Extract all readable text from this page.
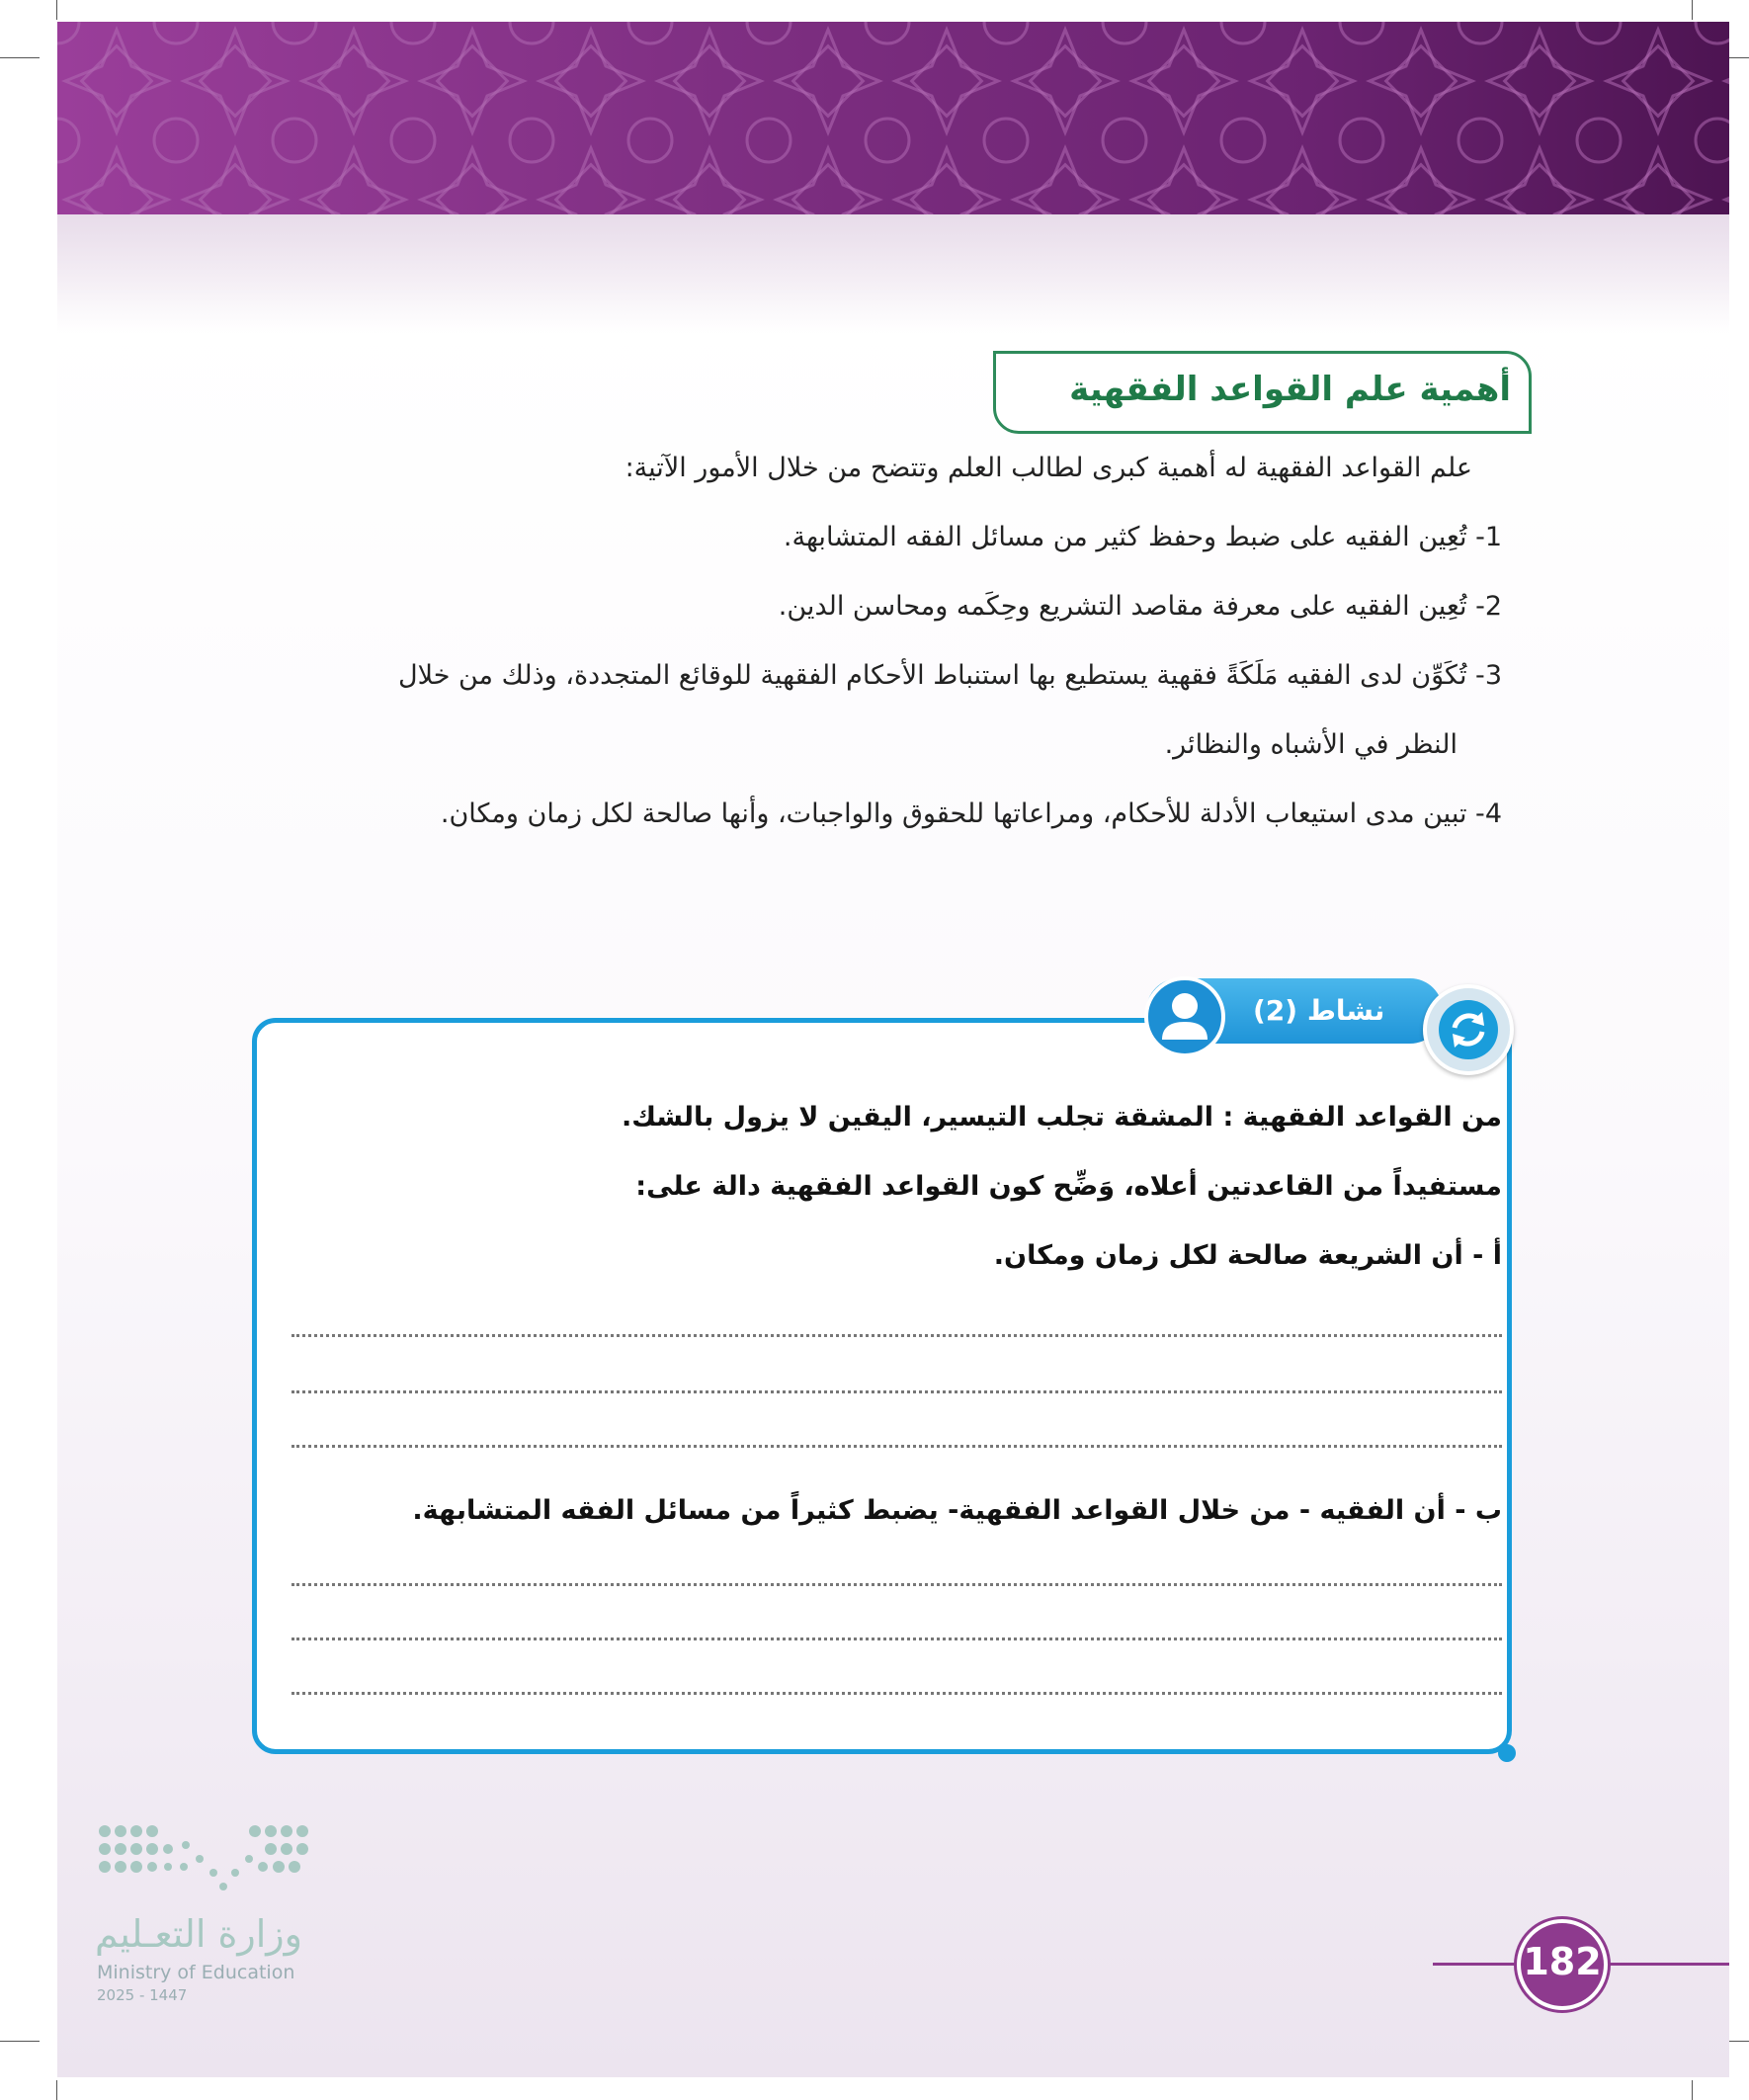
أهمية علم القواعد الفقهية
علم القواعد الفقهية له أهمية كبرى لطالب العلم وتتضح من خلال الأمور الآتية:
1- تُعِين الفقيه على ضبط وحفظ كثير من مسائل الفقه المتشابهة.
2- تُعِين الفقيه على معرفة مقاصد التشريع وحِكَمه ومحاسن الدين.
3- تُكَوِّن لدى الفقيه مَلَكَةً فقهية يستطيع بها استنباط الأحكام الفقهية للوقائع المتجددة، وذلك من خلال
النظر في الأشباه والنظائر.
4- تبين مدى استيعاب الأدلة للأحكام، ومراعاتها للحقوق والواجبات، وأنها صالحة لكل زمان ومكان.
نشاط (2)
من القواعد الفقهية : المشقة تجلب التيسير، اليقين لا يزول بالشك.
مستفيداً من القاعدتين أعلاه، وَضِّح كون القواعد الفقهية دالة على:
أ - أن الشريعة صالحة لكل زمان ومكان.
ب - أن الفقيه - من خلال القواعد الفقهية- يضبط كثيراً من مسائل الفقه المتشابهة.
وزارة التعـليم
Ministry of Education
2025 - 1447
182
